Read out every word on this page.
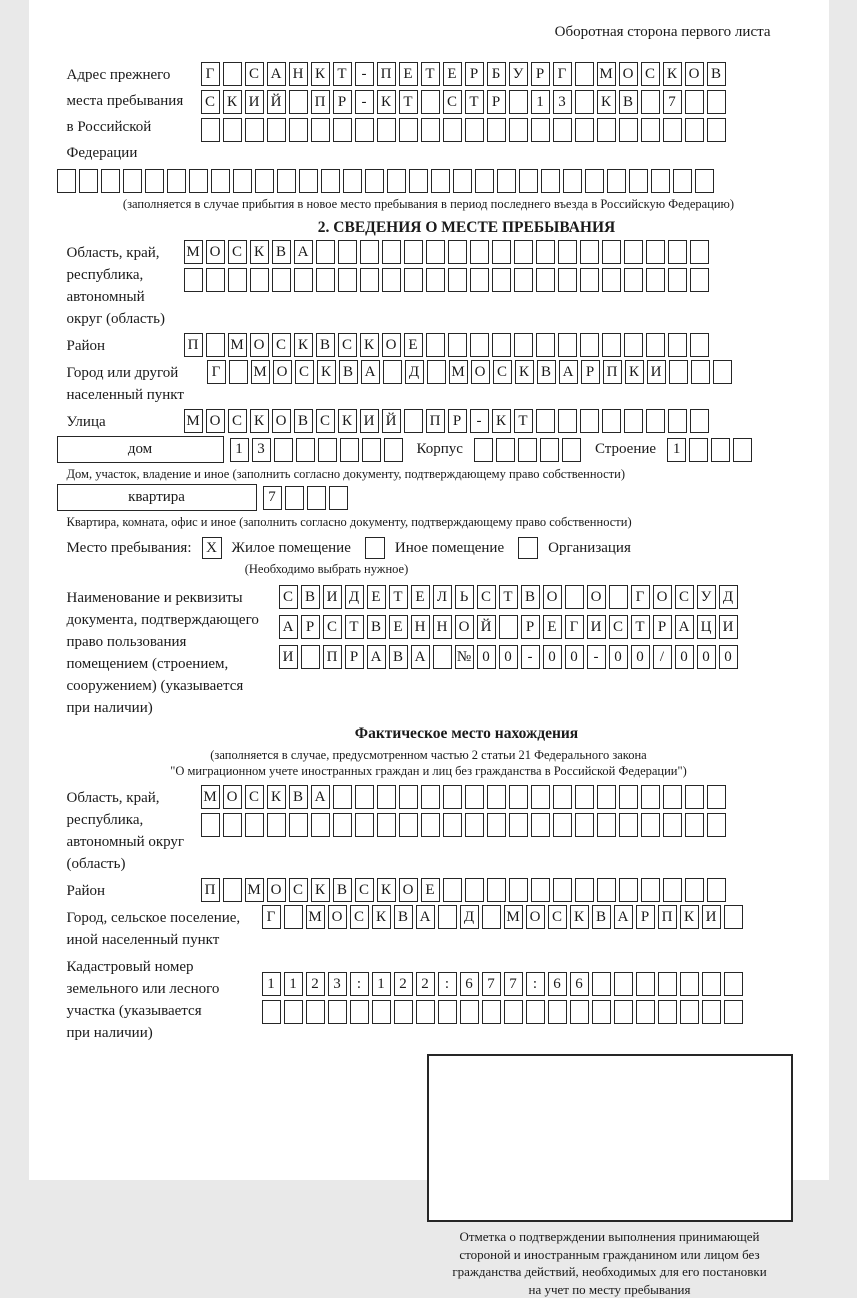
Оборотная сторона первого листа
Адрес прежнего
места пребывания
в Российской
Федерации
Г	С А Н К Т - П Е Т Е Р Б У Р Г	М О С К О В
С К И Й П Р	- К Т	С Т Р	1 3	К В	7
(заполняется в случае прибытия в новое место пребывания в период последнего въезда в Российскую Федерацию)
2. СВЕДЕНИЯ О МЕСТЕ ПРЕБЫВАНИЯ
Область, край,
республика,
автономный
округ (область)
М О С К В А
Район	П М О С К В С К О Е
Город или другой
населенный пункт
Г	М О С К В А Д М О С К В А Р П К И
Улица	М О С К О В С К И Й П Р	- К Т
дом	1 3	Корпус	Строение	1
Дом, участок, владение и иное (заполнить согласно документу, подтверждающему право собственности)
квартира	7
Квартира, комната, офис и иное (заполнить согласно документу, подтверждающему право собственности)
Место пребывания: X Жилое помещение	Иное помещение	Организация
(Необходимо выбрать нужное)
Наименование и реквизиты
документа, подтверждающего
право пользования
помещением (строением,
сооружением) (указывается
при наличии)
С В И Д Е Т Е Л Ь С Т В О О	Г О С У Д
А Р С Т В Е Н Н О Й	Р Е Г И С Т Р А Ц И
И П Р А В А № 0 0	-	0 0	-	0 0	/	0 0 0
Фактическое место нахождения
(заполняется в случае, предусмотренном частью 2 статьи 21 Федерального закона
"О миграционном учете иностранных граждан и лиц без гражданства в Российской Федерации")
Область, край,
республика,
автономный округ
(область)
М О С К В А
Район	П М О С К В С К О Е
Город, сельское поселение,
иной населенный пункт
Г	М О С К В А Д М О С К В А Р П К И
Кадастровый номер
земельного или лесного
участка (указывается
при наличии)
1 1 2 3	:	1 2 2	:	6 7 7	:	6 6
Отметка о подтверждении выполнения принимающей
стороной и иностранным гражданином или лицом без
гражданства действий, необходимых для его постановки
на учет по месту пребывания
